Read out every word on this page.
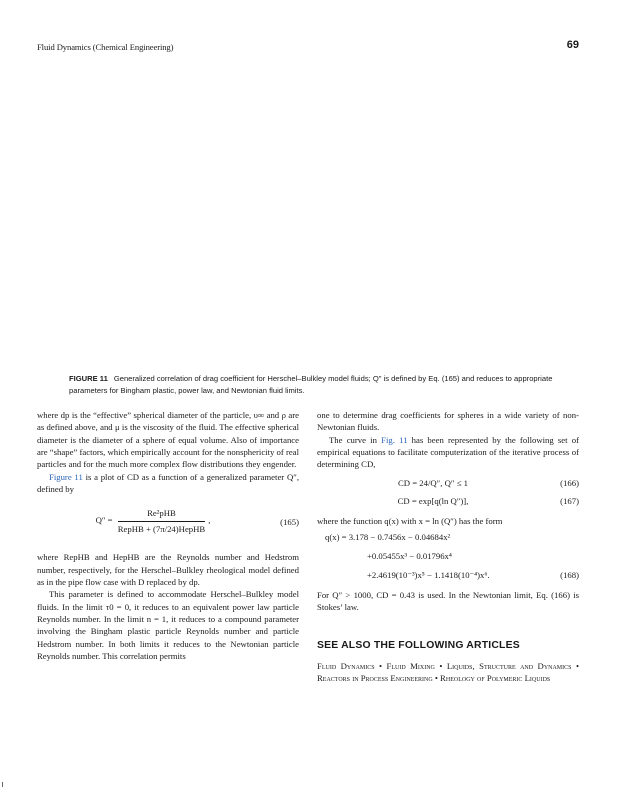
Fluid Dynamics (Chemical Engineering)	69
FIGURE 11 Generalized correlation of drag coefficient for Herschel–Bulkley model fluids; Q" is defined by Eq. (165) and reduces to appropriate parameters for Bingham plastic, power law, and Newtonian fluid limits.

where dp is the “effective” spherical diameter of the particle, υ∞ and ρ are as defined above, and μ is the viscosity of the fluid. The effective spherical diameter is the diameter of a sphere of equal volume. Also of importance are “shape” factors, which empirically account for the nonsphericity of real particles and for the much more complex flow distributions they engender.

Figure 11 is a plot of CD as a function of a generalized parameter Q″, defined by

$Q'' = \frac{\text{Re²pHB}}{\text{RepHB + (7π/24)HepHB}}$ ,	(165)

where RepHB and HepHB are the Reynolds number and Hedstrom number, respectively, for the Herschel–Bulkley rheological model defined as in the pipe flow case with D replaced by dp.

This parameter is defined to accommodate Herschel–Bulkley model fluids. In the limit τ0 = 0, it reduces to an equivalent power law particle Reynolds number. In the limit n = 1, it reduces to a compound parameter involving the Bingham plastic particle Reynolds number and particle Hedstrom number. In both limits it reduces to the Newtonian particle Reynolds number. This correlation permits

one to determine drag coefficients for spheres in a wide variety of non-Newtonian fluids.

The curve in Fig. 11 has been represented by the following set of empirical equations to facilitate computerization of the iterative process of determining CD,

CD = 24/Q″, Q″ ≤ 1	(166)
CD = exp[q(ln Q″)],	(167)

where the function q(x) with x = ln (Q″) has the form

q(x) = 3.178 − 0.7456x − 0.04684x²
+0.05455x³ − 0.01796x⁴
+2.4619(10⁻³)x⁵ − 1.1418(10⁻⁴)x⁶.	(168)

For Q″ > 1000, CD = 0.43 is used. In the Newtonian limit, Eq. (166) is Stokes’ law.

SEE ALSO THE FOLLOWING ARTICLES

Fluid Dynamics • Fluid Mixing • Liquids, Structure and Dynamics • Reactors in Process Engineering • Rheology of Polymeric Liquids
